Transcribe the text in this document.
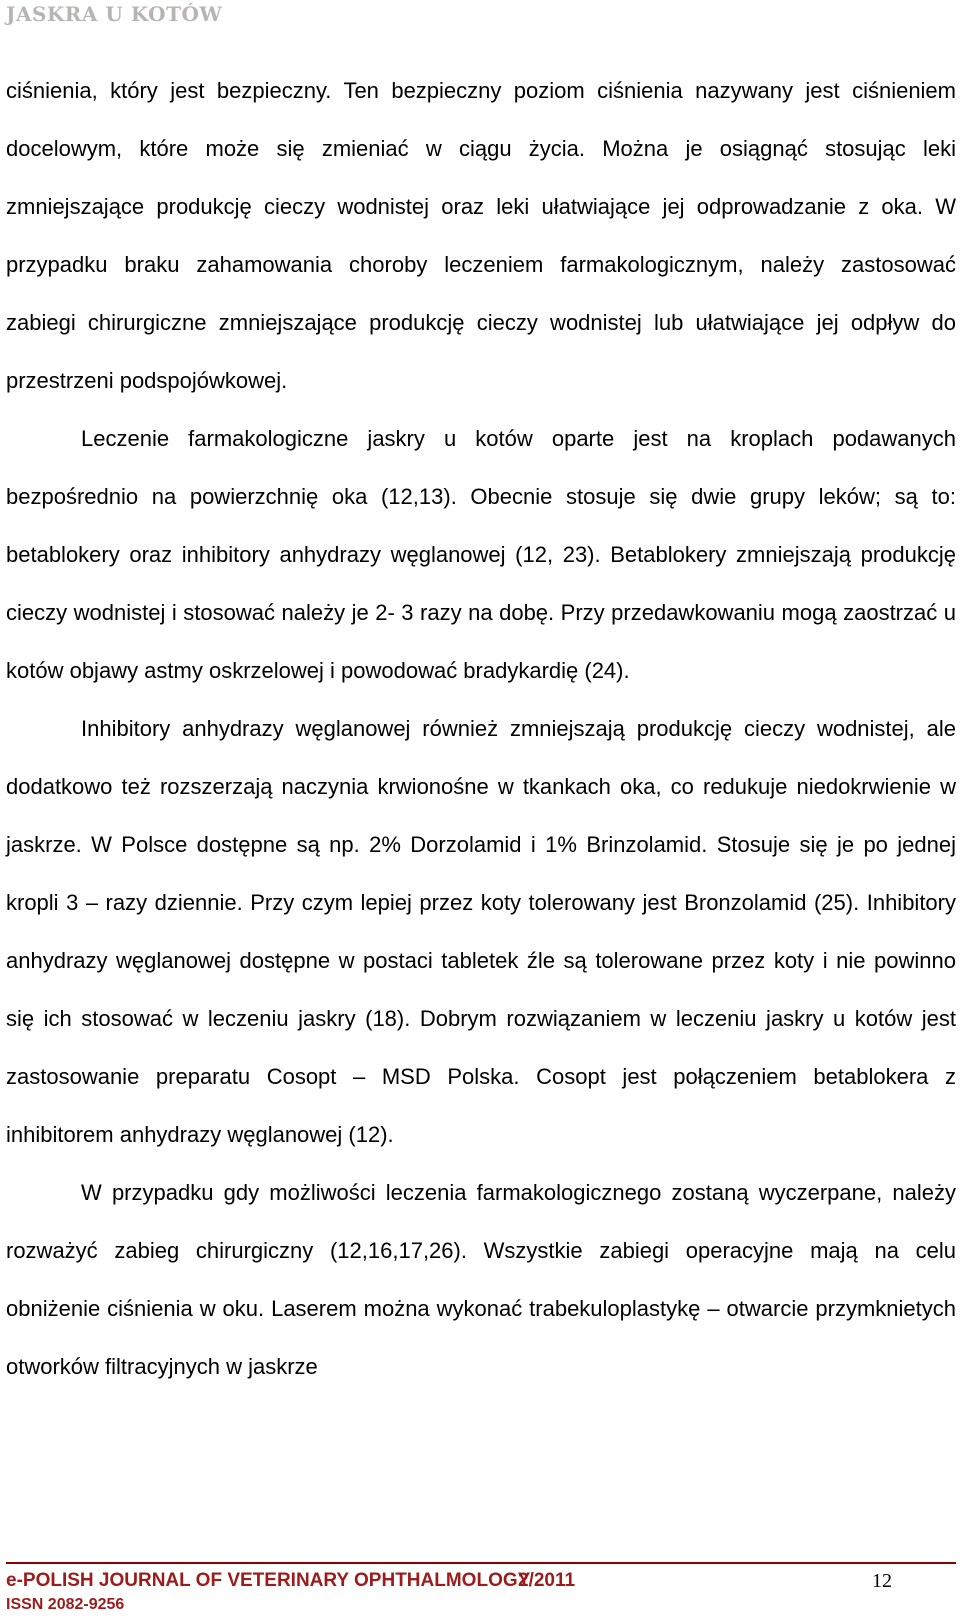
JASKRA U KOTÓW

ciśnienia, który jest bezpieczny. Ten bezpieczny poziom ciśnienia nazywany jest ciśnieniem docelowym, które może się zmieniać w ciągu życia. Można je osiągnąć stosując leki zmniejszające produkcję cieczy wodnistej oraz leki ułatwiające jej odprowadzanie z oka. W przypadku braku zahamowania choroby leczeniem farmakologicznym, należy zastosować zabiegi chirurgiczne zmniejszające produkcję cieczy wodnistej lub ułatwiające jej odpływ do przestrzeni podspojówkowej.

Leczenie farmakologiczne jaskry u kotów oparte jest na kroplach podawanych bezpośrednio na powierzchnię oka (12,13). Obecnie stosuje się dwie grupy leków; są to: betablokery oraz inhibitory anhydrazy węglanowej (12, 23). Betablokery zmniejszają produkcję cieczy wodnistej i stosować należy je 2- 3 razy na dobę. Przy przedawkowaniu mogą zaostrzać u kotów objawy astmy oskrzelowej i powodować bradykardię (24).

Inhibitory anhydrazy węglanowej również zmniejszają produkcję cieczy wodnistej, ale dodatkowo też rozszerzają naczynia krwionośne w tkankach oka, co redukuje niedokrwienie w jaskrze. W Polsce dostępne są np. 2% Dorzolamid i 1% Brinzolamid. Stosuje się je po jednej kropli 3 – razy dziennie. Przy czym lepiej przez koty tolerowany jest Bronzolamid (25). Inhibitory anhydrazy węglanowej dostępne w postaci tabletek źle są tolerowane przez koty i nie powinno się ich stosować w leczeniu jaskry (18). Dobrym rozwiązaniem w leczeniu jaskry u kotów jest zastosowanie preparatu Cosopt – MSD Polska. Cosopt jest połączeniem betablokera z inhibitorem anhydrazy węglanowej (12).

W przypadku gdy możliwości leczenia farmakologicznego zostaną wyczerpane, należy rozważyć zabieg chirurgiczny (12,16,17,26). Wszystkie zabiegi operacyjne mają na celu obniżenie ciśnienia w oku. Laserem można wykonać trabekuloplastykę – otwarcie przymknietych otworków filtracyjnych w jaskrze

e-POLISH JOURNAL OF VETERINARY OPHTHALMOLOGY
2/2011	12
ISSN 2082-9256
